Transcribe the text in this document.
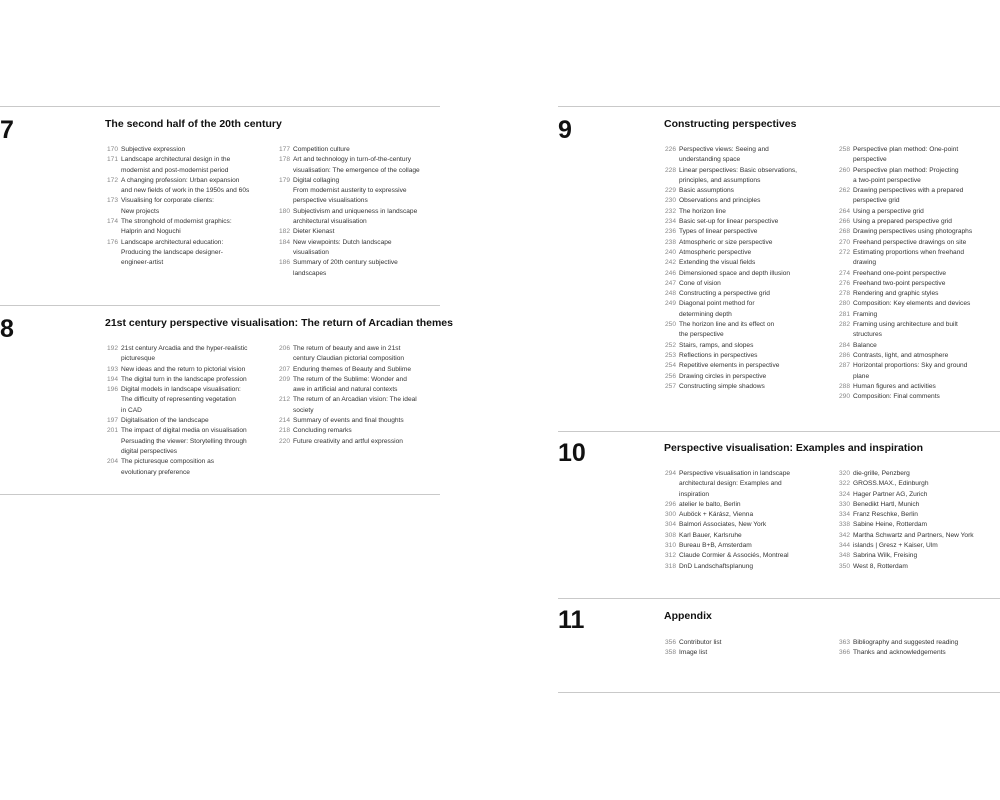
7	The second half of the 20th century
170 Subjective expression
171 Landscape architectural design in the
modernist and post-modernist period
172 A changing profession: Urban expansion
and new fields of work in the 1950s and 60s
173 Visualising for corporate clients:
New projects
174 The stronghold of modernist graphics:
Halprin and Noguchi
176 Landscape architectural education:
Producing the landscape designer-
engineer-artist
177 Competition culture
178 Art and technology in turn-of-the-century
visualisation: The emergence of the collage
179 Digital collaging
From modernist austerity to expressive
perspective visualisations
180 Subjectivism and uniqueness in landscape
architectural visualisation
182 Dieter Kienast
184 New viewpoints: Dutch landscape
visualisation
186 Summary of 20th century subjective
landscapes
8	21st century perspective visualisation: The return of Arcadian themes
192 21st century Arcadia and the hyper-realistic
picturesque
193 New ideas and the return to pictorial vision
194 The digital turn in the landscape profession
196 Digital models in landscape visualisation:
The difficulty of representing vegetation
in CAD
197 Digitalisation of the landscape
201 The impact of digital media on visualisation
Persuading the viewer: Storytelling through
digital perspectives
204 The picturesque composition as
evolutionary preference
206 The return of beauty and awe in 21st
century Claudian pictorial composition
207 Enduring themes of Beauty and Sublime
209 The return of the Sublime: Wonder and
awe in artificial and natural contexts
212 The return of an Arcadian vision: The ideal
society
214 Summary of events and final thoughts
218 Concluding remarks
220 Future creativity and artful expression
9	Constructing perspectives
226 Perspective views: Seeing and
understanding space
228 Linear perspectives: Basic observations,
principles, and assumptions
229 Basic assumptions
230 Observations and principles
232 The horizon line
234 Basic set-up for linear perspective
236 Types of linear perspective
238 Atmospheric or size perspective
240 Atmospheric perspective
242 Extending the visual fields
246 Dimensioned space and depth illusion
247 Cone of vision
248 Constructing a perspective grid
249 Diagonal point method for
determining depth
250 The horizon line and its effect on
the perspective
252 Stairs, ramps, and slopes
253 Reflections in perspectives
254 Repetitive elements in perspective
256 Drawing circles in perspective
257 Constructing simple shadows
258 Perspective plan method: One-point
perspective
260 Perspective plan method: Projecting
a two-point perspective
262 Drawing perspectives with a prepared
perspective grid
264 Using a perspective grid
266 Using a prepared perspective grid
268 Drawing perspectives using photographs
270 Freehand perspective drawings on site
272 Estimating proportions when freehand
drawing
274 Freehand one-point perspective
276 Freehand two-point perspective
278 Rendering and graphic styles
280 Composition: Key elements and devices
281 Framing
282 Framing using architecture and built
structures
284 Balance
286 Contrasts, light, and atmosphere
287 Horizontal proportions: Sky and ground
plane
288 Human figures and activities
290 Composition: Final comments
10	Perspective visualisation: Examples and inspiration
294 Perspective visualisation in landscape
architectural design: Examples and
inspiration
296 atelier le balto, Berlin
300 Auböck + Kárász, Vienna
304 Balmori Associates, New York
308 Karl Bauer, Karlsruhe
310 Bureau B+B, Amsterdam
312 Claude Cormier & Associés, Montreal
318 DnD Landschaftsplanung
320 die-grille, Penzberg
322 GROSS.MAX., Edinburgh
324 Hager Partner AG, Zurich
330 Benedikt Hartl, Munich
334 Franz Reschke, Berlin
338 Sabine Heine, Rotterdam
342 Martha Schwartz and Partners, New York
344 islands | Gresz + Kaiser, Ulm
348 Sabrina Wilk, Freising
350 West 8, Rotterdam
11	Appendix
356 Contributor list
358 Image list
363 Bibliography and suggested reading
366 Thanks and acknowledgements
